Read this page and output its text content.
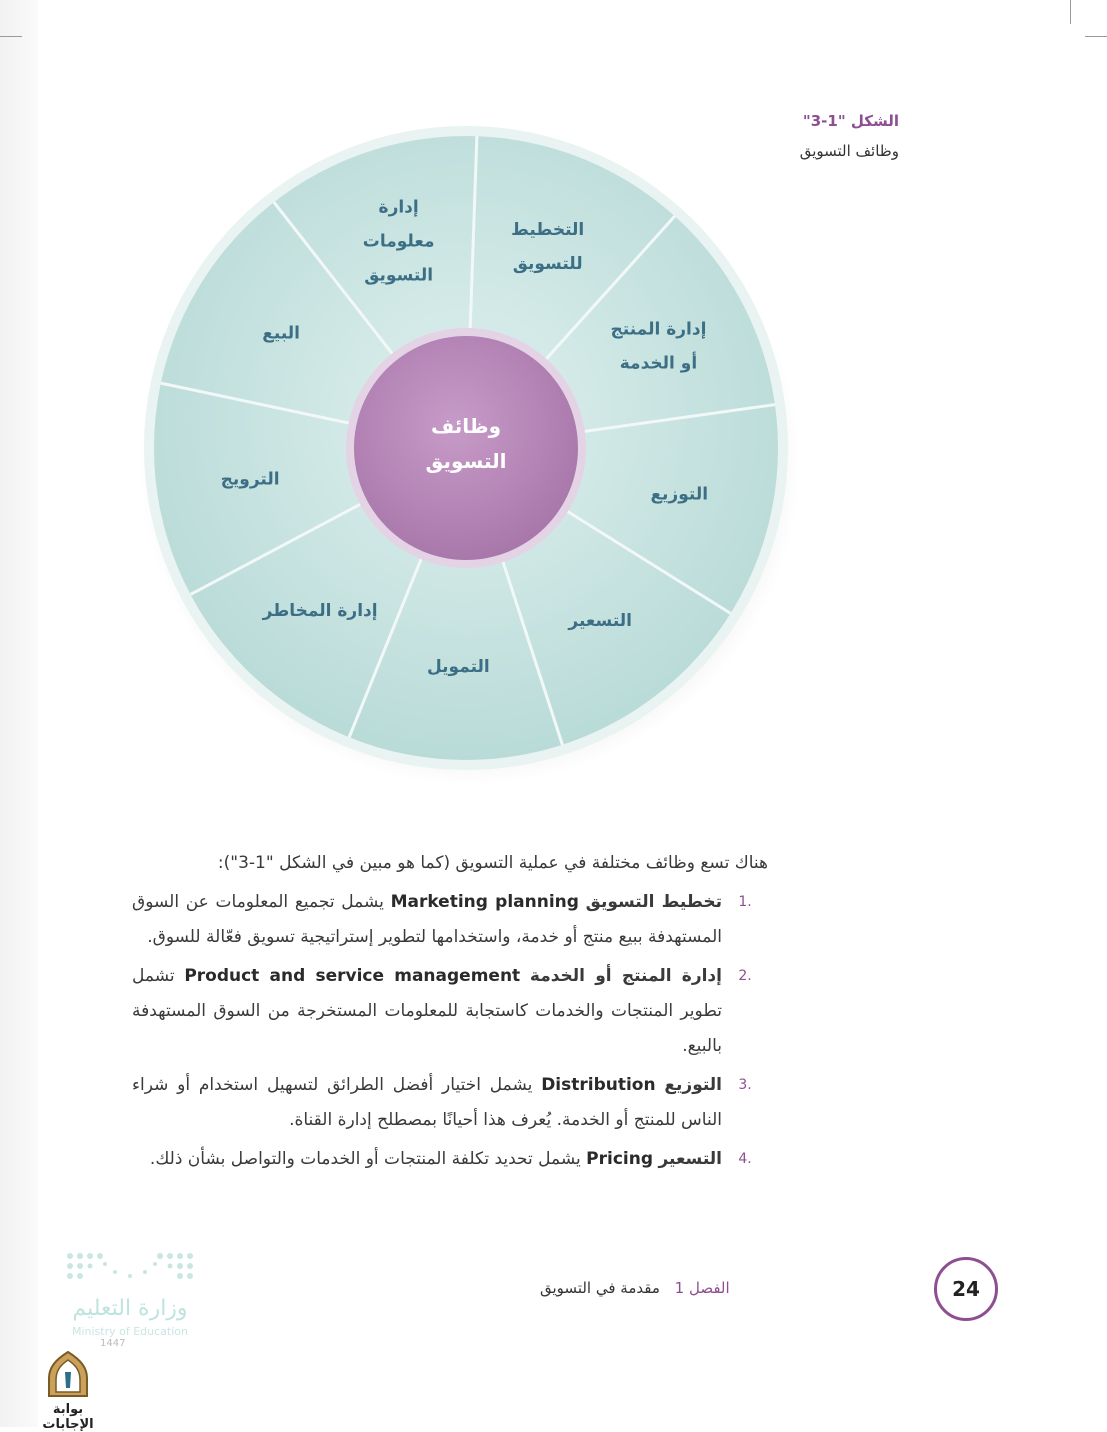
الشكل "1-3"
وظائف التسويق
التخطيط
للتسويق
إدارة المنتج
أو الخدمة
التوزيع
التسعير
التمويل
إدارة المخاطر
الترويج
البيع
إدارة
معلومات
التسويق
وظائف
التسويق

هناك تسع وظائف مختلفة في عملية التسويق (كما هو مبين في الشكل "1-3"):

.1
تخطيط التسويق Marketing planning يشمل تجميع المعلومات عن السوق المستهدفة ببيع منتج أو خدمة، واستخدامها لتطوير إستراتيجية تسويق فعّالة للسوق.
.2
إدارة المنتج أو الخدمة Product and service management تشمل تطوير المنتجات والخدمات كاستجابة للمعلومات المستخرجة من السوق المستهدفة بالبيع.
.3
التوزيع Distribution يشمل اختيار أفضل الطرائق لتسهيل استخدام أو شراء الناس للمنتج أو الخدمة. يُعرف هذا أحيانًا بمصطلح إدارة القناة.
.4
التسعير Pricing يشمل تحديد تكلفة المنتجات أو الخدمات والتواصل بشأن ذلك.
الفصل 1 مقدمة في التسويق	24
وزارة التعليم
Ministry of Education
1447
بوابة الإجابات
